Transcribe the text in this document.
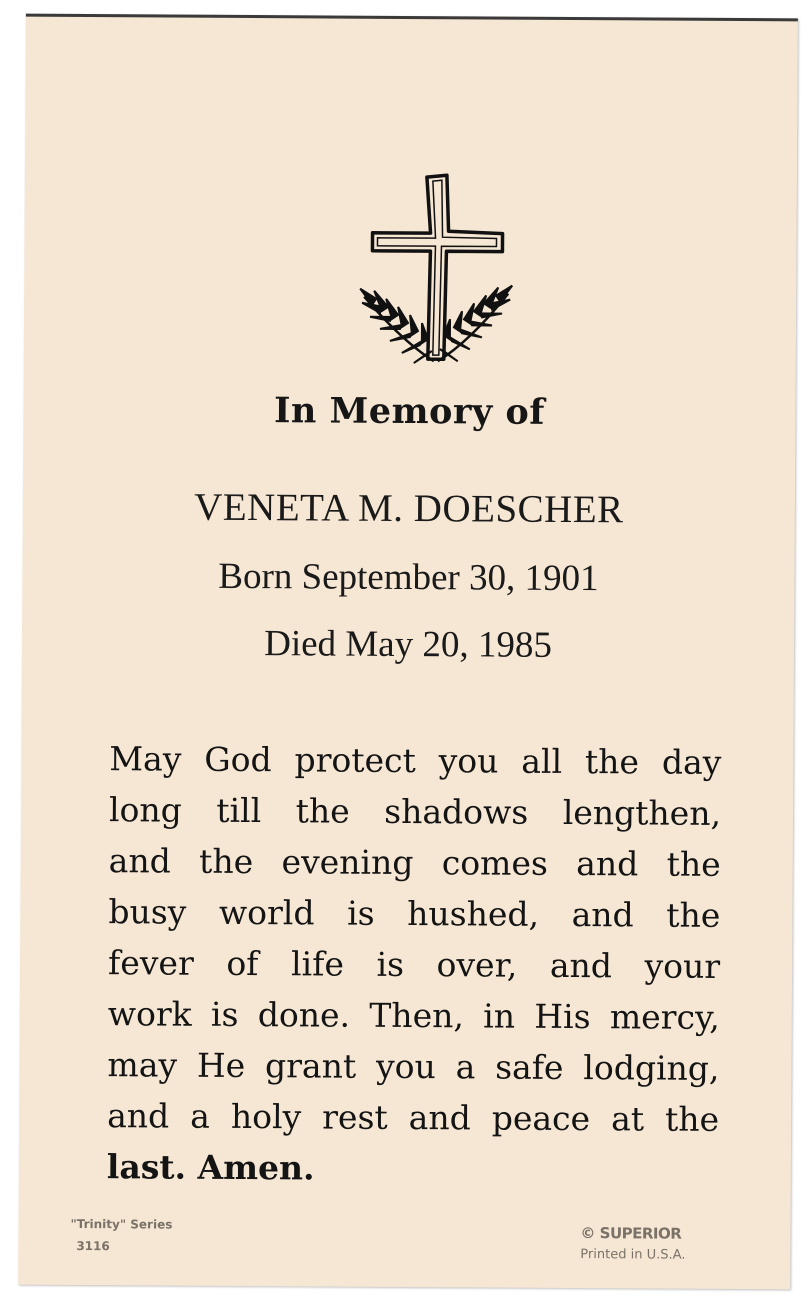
In Memory of
VENETA M. DOESCHER
Born September 30, 1901
Died May 20, 1985
May God protect you all the day
long till the shadows lengthen,
and the evening comes and the
busy world is hushed, and the
fever of life is over, and your
work is done. Then, in His mercy,
may He grant you a safe lodging,
and a holy rest and peace at the
last. Amen.
"Trinity" Series
3116
© SUPERIOR
Printed in U.S.A.
